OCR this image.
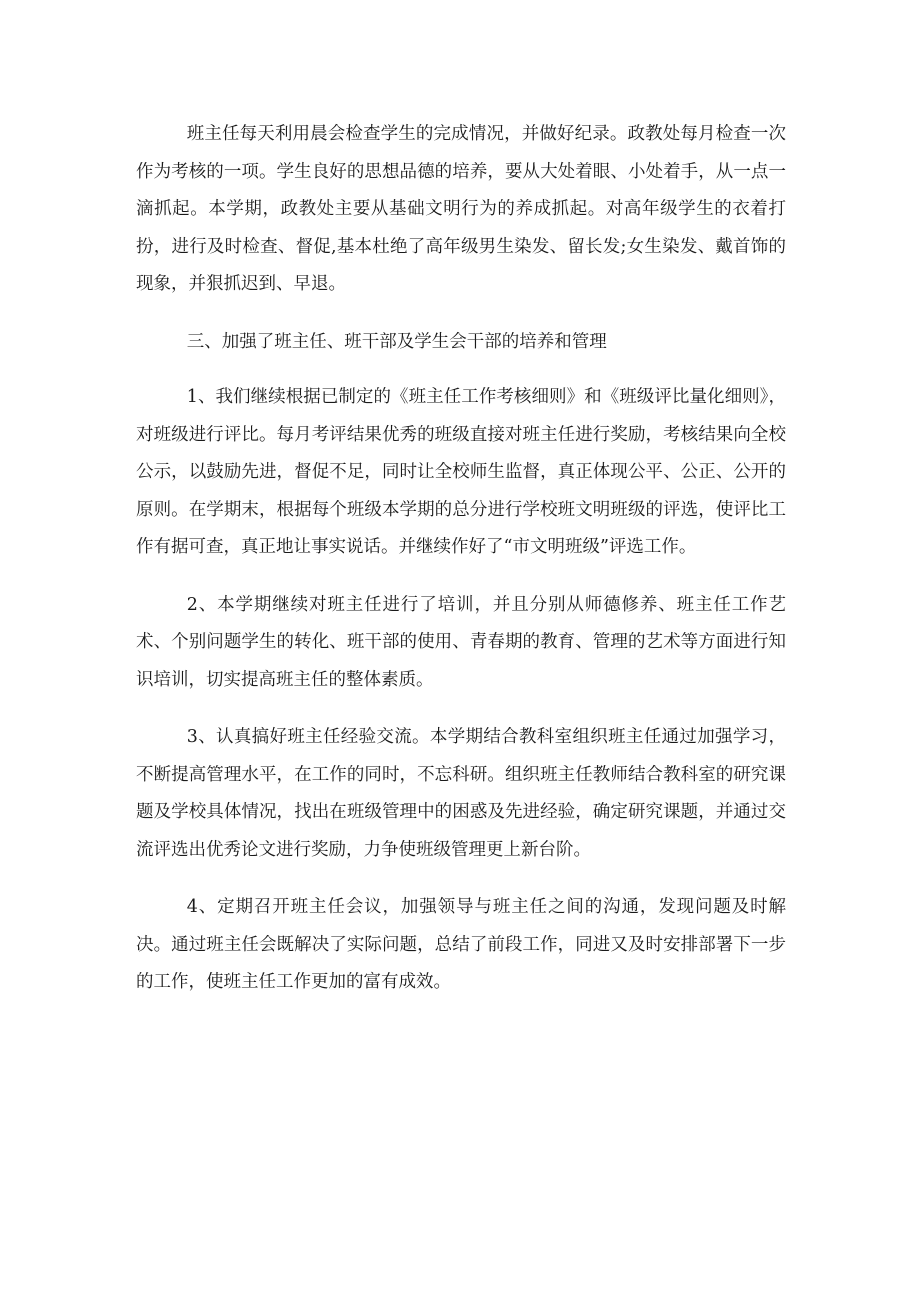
班主任每天利用晨会检查学生的完成情况，并做好纪录。政教处每月检查一次作为考核的一项。学生良好的思想品德的培养，要从大处着眼、小处着手，从一点一滴抓起。本学期，政教处主要从基础文明行为的养成抓起。对高年级学生的衣着打扮，进行及时检查、督促,基本杜绝了高年级男生染发、留长发;女生染发、戴首饰的现象，并狠抓迟到、早退。

三、加强了班主任、班干部及学生会干部的培养和管理

1、我们继续根据已制定的《班主任工作考核细则》和《班级评比量化细则》，对班级进行评比。每月考评结果优秀的班级直接对班主任进行奖励，考核结果向全校公示，以鼓励先进，督促不足，同时让全校师生监督，真正体现公平、公正、公开的原则。在学期末，根据每个班级本学期的总分进行学校班文明班级的评选，使评比工作有据可查，真正地让事实说话。并继续作好了“市文明班级”评选工作。

2、本学期继续对班主任进行了培训，并且分别从师德修养、班主任工作艺术、个别问题学生的转化、班干部的使用、青春期的教育、管理的艺术等方面进行知识培训，切实提高班主任的整体素质。

3、认真搞好班主任经验交流。本学期结合教科室组织班主任通过加强学习，不断提高管理水平，在工作的同时，不忘科研。组织班主任教师结合教科室的研究课题及学校具体情况，找出在班级管理中的困惑及先进经验，确定研究课题，并通过交流评选出优秀论文进行奖励，力争使班级管理更上新台阶。

4、定期召开班主任会议，加强领导与班主任之间的沟通，发现问题及时解决。通过班主任会既解决了实际问题，总结了前段工作，同进又及时安排部署下一步的工作，使班主任工作更加的富有成效。
